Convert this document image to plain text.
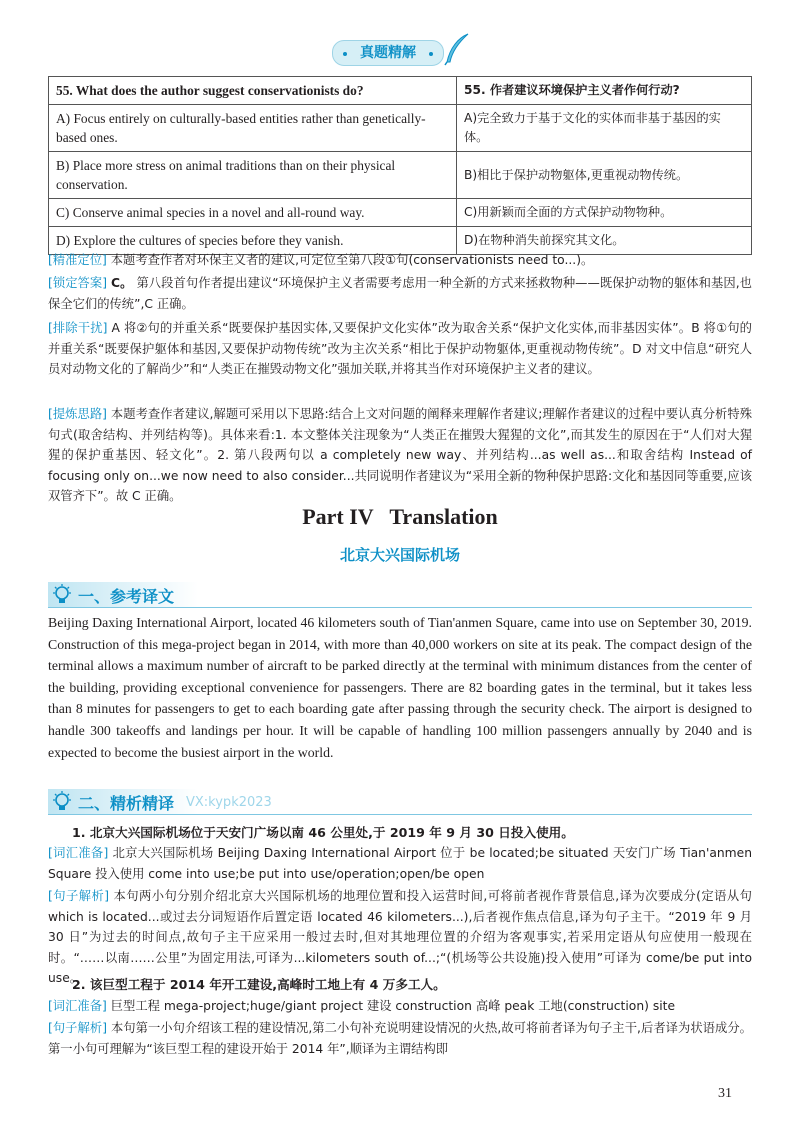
真题精解
55. What does the author suggest conservationists do?	55. 作者建议环境保护主义者作何行动?
A) Focus entirely on culturally-based entities rather than genetically-based ones.	A)完全致力于基于文化的实体而非基于基因的实体。
B) Place more stress on animal traditions than on their physical conservation.	B)相比于保护动物躯体,更重视动物传统。
C) Conserve animal species in a novel and all-round way.	C)用新颖而全面的方式保护动物物种。
D) Explore the cultures of species before they vanish.	D)在物种消失前探究其文化。
[精准定位] 本题考查作者对环保主义者的建议,可定位至第八段①句(conservationists need to...)。
[锁定答案] C。 第八段首句作者提出建议“环境保护主义者需要考虑用一种全新的方式来拯救物种——既保护动物的躯体和基因,也保全它们的传统”,C 正确。
[排除干扰] A 将②句的并重关系“既要保护基因实体,又要保护文化实体”改为取舍关系“保护文化实体,而非基因实体”。B 将①句的并重关系“既要保护躯体和基因,又要保护动物传统”改为主次关系“相比于保护动物躯体,更重视动物传统”。D 对文中信息“研究人员对动物文化的了解尚少”和“人类正在摧毁动物文化”强加关联,并将其当作对环境保护主义者的建议。
[提炼思路] 本题考查作者建议,解题可采用以下思路:结合上文对问题的阐释来理解作者建议;理解作者建议的过程中要认真分析特殊句式(取舍结构、并列结构等)。具体来看:1. 本文整体关注现象为“人类正在摧毁大猩猩的文化”,而其发生的原因在于“人们对大猩猩的保护重基因、轻文化”。2. 第八段两句以 a completely new way、并列结构...as well as...和取舍结构 Instead of focusing only on...we now need to also consider...共同说明作者建议为“采用全新的物种保护思路:文化和基因同等重要,应该双管齐下”。故 C 正确。
Part IV   Translation
北京大兴国际机场
一、参考译文
Beijing Daxing International Airport, located 46 kilometers south of Tian'anmen Square, came into use on September 30, 2019. Construction of this mega-project began in 2014, with more than 40,000 workers on site at its peak. The compact design of the terminal allows a maximum number of aircraft to be parked directly at the terminal with minimum distances from the center of the building, providing exceptional convenience for passengers. There are 82 boarding gates in the terminal, but it takes less than 8 minutes for passengers to get to each boarding gate after passing through the security check. The airport is designed to handle 300 takeoffs and landings per hour. It will be capable of handling 100 million passengers annually by 2040 and is expected to become the busiest airport in the world.
二、精析精译 VX:kypk2023
1. 北京大兴国际机场位于天安门广场以南 46 公里处,于 2019 年 9 月 30 日投入使用。
[词汇准备] 北京大兴国际机场 Beijing Daxing International Airport 位于 be located;be situated 天安门广场 Tian'anmen Square 投入使用 come into use;be put into use/operation;open/be open
[句子解析] 本句两小句分别介绍北京大兴国际机场的地理位置和投入运营时间,可将前者视作背景信息,译为次要成分(定语从句 which is located...或过去分词短语作后置定语 located 46 kilometers...),后者视作焦点信息,译为句子主干。“2019 年 9 月 30 日”为过去的时间点,故句子主干应采用一般过去时,但对其地理位置的介绍为客观事实,若采用定语从句应使用一般现在时。“……以南……公里”为固定用法,可译为...kilometers south of...;“(机场等公共设施)投入使用”可译为 come/be put into use。
2. 该巨型工程于 2014 年开工建设,高峰时工地上有 4 万多工人。
[词汇准备] 巨型工程 mega-project;huge/giant project 建设 construction 高峰 peak 工地(construction) site
[句子解析] 本句第一小句介绍该工程的建设情况,第二小句补充说明建设情况的火热,故可将前者译为句子主干,后者译为状语成分。第一小句可理解为“该巨型工程的建设开始于 2014 年”,顺译为主谓结构即
31
